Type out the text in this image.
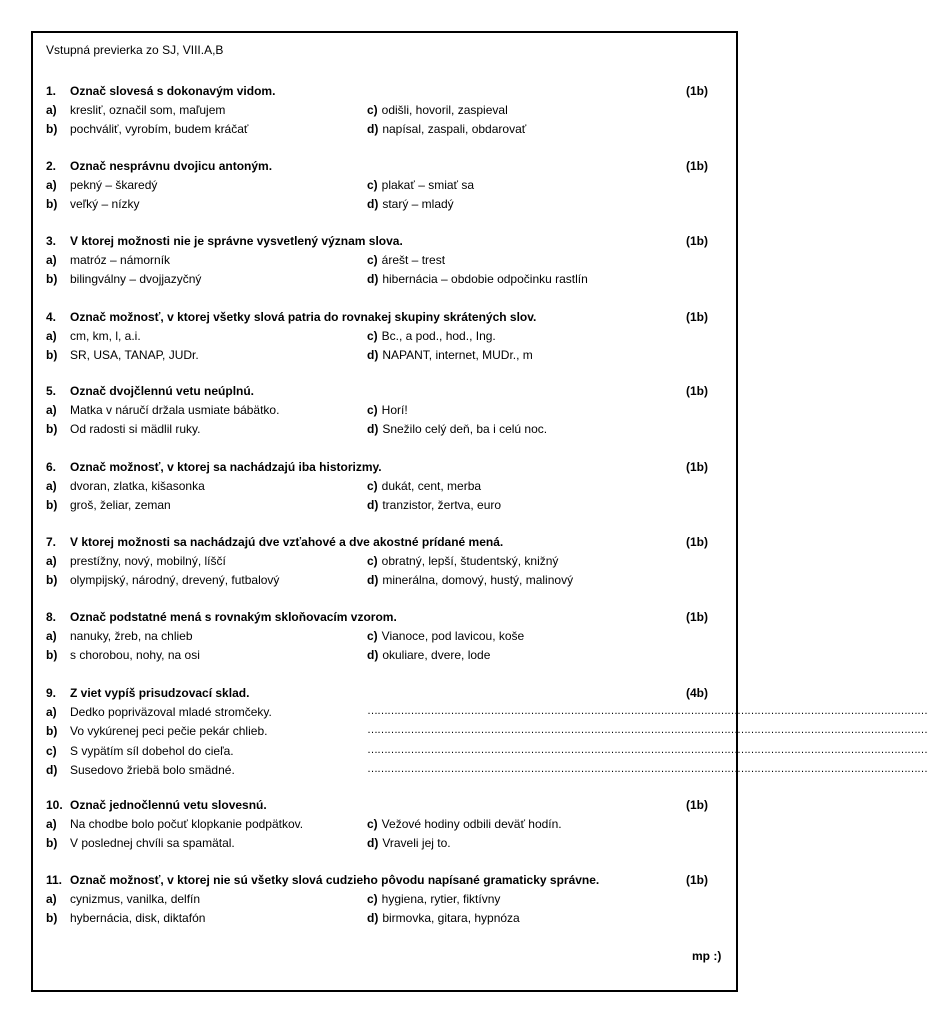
Vstupná previerka zo SJ, VIII.A,B
1. Označ slovesá s dokonavým vidom.	(1b)
a) kresliť, označil som, maľujem	c) odišli, hovoril, zaspieval
b) pochváliť, vyrobím, budem kráčať	d) napísal, zaspali, obdarovať
2. Označ nesprávnu dvojicu antoným.	(1b)
a) pekný – škaredý	c) plakať – smiať sa
b) veľký – nízky	d) starý – mladý
3. V ktorej možnosti nie je správne vysvetlený význam slova.	(1b)
a) matróz – námorník	c) árešt – trest
b) bilingválny – dvojjazyčný	d) hibernácia – obdobie odpočinku rastlín
4. Označ možnosť, v ktorej všetky slová patria do rovnakej skupiny skrátených slov.	(1b)
a) cm, km, l, a.i.	c) Bc., a pod., hod., Ing.
b) SR, USA, TANAP, JUDr.	d) NAPANT, internet, MUDr., m
5. Označ dvojčlennú vetu neúplnú.	(1b)
a) Matka v náručí držala usmiate bábätko.	c) Horí!
b) Od radosti si mädlil ruky.	d) Snežilo celý deň, ba i celú noc.
6. Označ možnosť, v ktorej sa nachádzajú iba historizmy.	(1b)
a) dvoran, zlatka, kišasonka	c) dukát, cent, merba
b) groš, želiar, zeman	d) tranzistor, žertva, euro
7. V ktorej možnosti sa nachádzajú dve vzťahové a dve akostné prídané mená.	(1b)
a) prestížny, nový, mobilný, líščí	c) obratný, lepší, študentský, knižný
b) olympijský, národný, drevený, futbalový	d) minerálna, domový, hustý, malinový
8. Označ podstatné mená s rovnakým skloňovacím vzorom.	(1b)
a) nanuky, žreb, na chlieb	c) Vianoce, pod lavicou, koše
b) s chorobou, nohy, na osi	d) okuliare, dvere, lode
9. Z viet vypíš prisudzovací sklad.	(4b)
a) Dedko popriväzoval mladé stromčeky.	……………………………………………………………………………………………………………………………………………………
b) Vo vykúrenej peci pečie pekár chlieb.	……………………………………………………………………………………………………………………………………………………
c) S vypätím síl dobehol do cieľa.	……………………………………………………………………………………………………………………………………………………
d) Susedovo žriebä bolo smädné.	……………………………………………………………………………………………………………………………………………………
10. Označ jednočlennú vetu slovesnú.	(1b)
a) Na chodbe bolo počuť klopkanie podpätkov.	c) Vežové hodiny odbili deväť hodín.
b) V poslednej chvíli sa spamätal.	d) Vraveli jej to.
11. Označ možnosť, v ktorej nie sú všetky slová cudzieho pôvodu napísané gramaticky správne.	(1b)
a) cynizmus, vanilka, delfín	c) hygiena, rytier, fiktívny
b) hybernácia, disk, diktafón	d) birmovka, gitara, hypnóza
mp :)
